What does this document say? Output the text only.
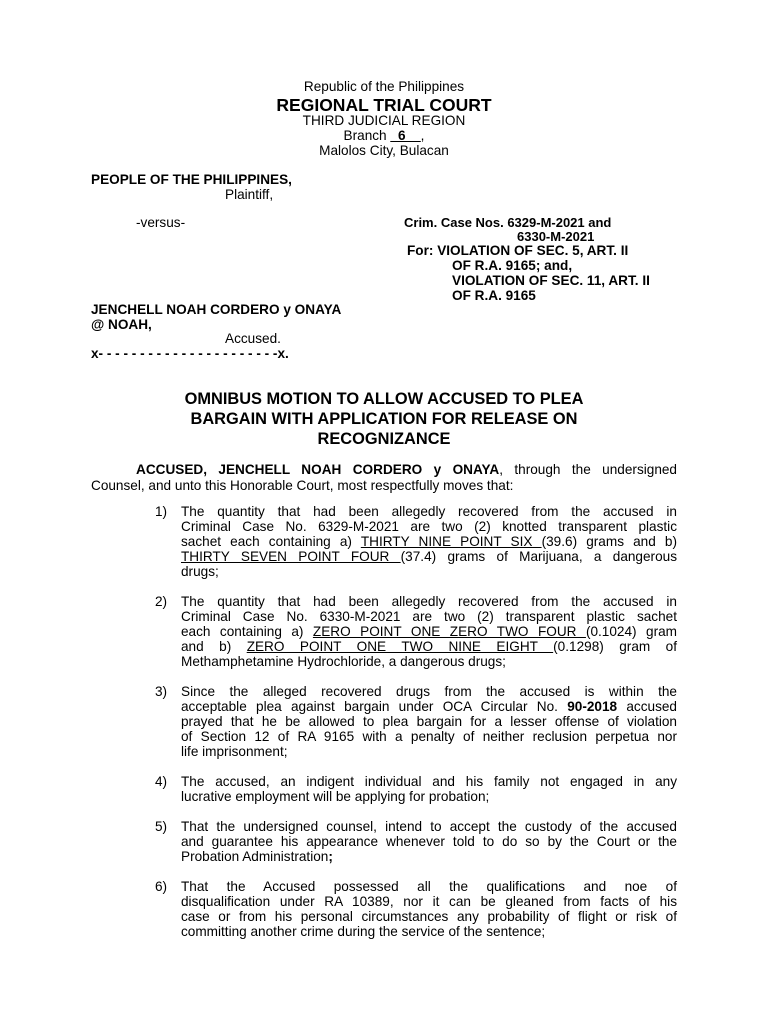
Republic of the Philippines
REGIONAL TRIAL COURT
THIRD JUDICIAL REGION
Branch _6__,
Malolos City, Bulacan
PEOPLE OF THE PHILIPPINES,
Plaintiff,
-versus-	Crim. Case Nos. 6329-M-2021 and
6330-M-2021
For: VIOLATION OF SEC. 5, ART. II
OF R.A. 9165; and,
VIOLATION OF SEC. 11, ART. II
OF R.A. 9165
JENCHELL NOAH CORDERO y ONAYA
@ NOAH,
Accused.
x- - - - - - - - - - - - - - - - - - - - - -x.
OMNIBUS MOTION TO ALLOW ACCUSED TO PLEA
BARGAIN WITH APPLICATION FOR RELEASE ON
RECOGNIZANCE
ACCUSED, JENCHELL NOAH CORDERO y ONAYA, through the undersigned
Counsel, and unto this Honorable Court, most respectfully moves that:
1) The quantity that had been allegedly recovered from the accused in
Criminal Case No. 6329-M-2021 are two (2) knotted transparent plastic
sachet each containing a) THIRTY NINE POINT SIX (39.6) grams and b)
THIRTY SEVEN POINT FOUR (37.4) grams of Marijuana, a dangerous
drugs;
2) The quantity that had been allegedly recovered from the accused in
Criminal Case No. 6330-M-2021 are two (2) transparent plastic sachet
each containing a) ZERO POINT ONE ZERO TWO FOUR (0.1024) gram
and b) ZERO POINT ONE TWO NINE EIGHT (0.1298) gram of
Methamphetamine Hydrochloride, a dangerous drugs;
3) Since the alleged recovered drugs from the accused is within the
acceptable plea against bargain under OCA Circular No. 90-2018 accused
prayed that he be allowed to plea bargain for a lesser offense of violation
of Section 12 of RA 9165 with a penalty of neither reclusion perpetua nor
life imprisonment;
4) The accused, an indigent individual and his family not engaged in any
lucrative employment will be applying for probation;
5) That the undersigned counsel, intend to accept the custody of the accused
and guarantee his appearance whenever told to do so by the Court or the
Probation Administration;
6) That the Accused possessed all the qualifications and noe of
disqualification under RA 10389, nor it can be gleaned from facts of his
case or from his personal circumstances any probability of flight or risk of
committing another crime during the service of the sentence;
